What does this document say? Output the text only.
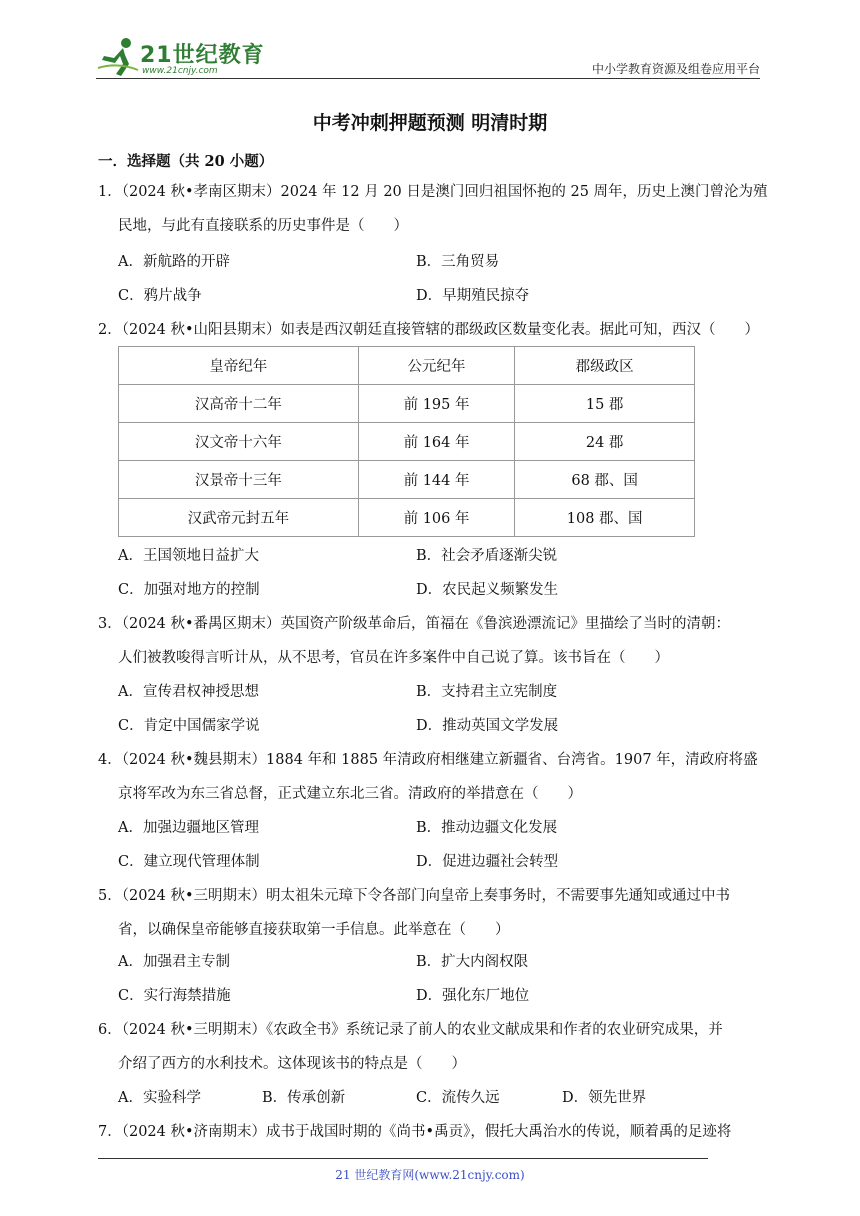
21世纪教育
www.21cnjy.com	中小学教育资源及组卷应用平台
中考冲刺押题预测 明清时期
一．选择题（共 20 小题）
1．（2024 秋•孝南区期末）2024 年 12 月 20 日是澳门回归祖国怀抱的 25 周年，历史上澳门曾沦为殖
民地，与此有直接联系的历史事件是（　　）
A．新航路的开辟	B．三角贸易
C．鸦片战争	D．早期殖民掠夺
2．（2024 秋•山阳县期末）如表是西汉朝廷直接管辖的郡级政区数量变化表。据此可知，西汉（　　）
皇帝纪年	公元纪年	郡级政区
汉高帝十二年	前 195 年	15 郡
汉文帝十六年	前 164 年	24 郡
汉景帝十三年	前 144 年	68 郡、国
汉武帝元封五年	前 106 年	108 郡、国
A．王国领地日益扩大	B．社会矛盾逐渐尖锐
C．加强对地方的控制	D．农民起义频繁发生
3．（2024 秋•番禺区期末）英国资产阶级革命后，笛福在《鲁滨逊漂流记》里描绘了当时的清朝：
人们被教唆得言听计从，从不思考，官员在许多案件中自己说了算。该书旨在（　　）
A．宣传君权神授思想	B．支持君主立宪制度
C．肯定中国儒家学说	D．推动英国文学发展
4．（2024 秋•魏县期末）1884 年和 1885 年清政府相继建立新疆省、台湾省。1907 年，清政府将盛
京将军改为东三省总督，正式建立东北三省。清政府的举措意在（　　）
A．加强边疆地区管理	B．推动边疆文化发展
C．建立现代管理体制	D．促进边疆社会转型
5．（2024 秋•三明期末）明太祖朱元璋下令各部门向皇帝上奏事务时，不需要事先通知或通过中书
省，以确保皇帝能够直接获取第一手信息。此举意在（　　）
A．加强君主专制	B．扩大内阁权限
C．实行海禁措施	D．强化东厂地位
6．（2024 秋•三明期末）《农政全书》系统记录了前人的农业文献成果和作者的农业研究成果，并
介绍了西方的水利技术。这体现该书的特点是（　　）
A．实验科学	B．传承创新	C．流传久远	D．领先世界
7．（2024 秋•济南期末）成书于战国时期的《尚书•禹贡》，假托大禹治水的传说，顺着禹的足迹将
21 世纪教育网(www.21cnjy.com)
